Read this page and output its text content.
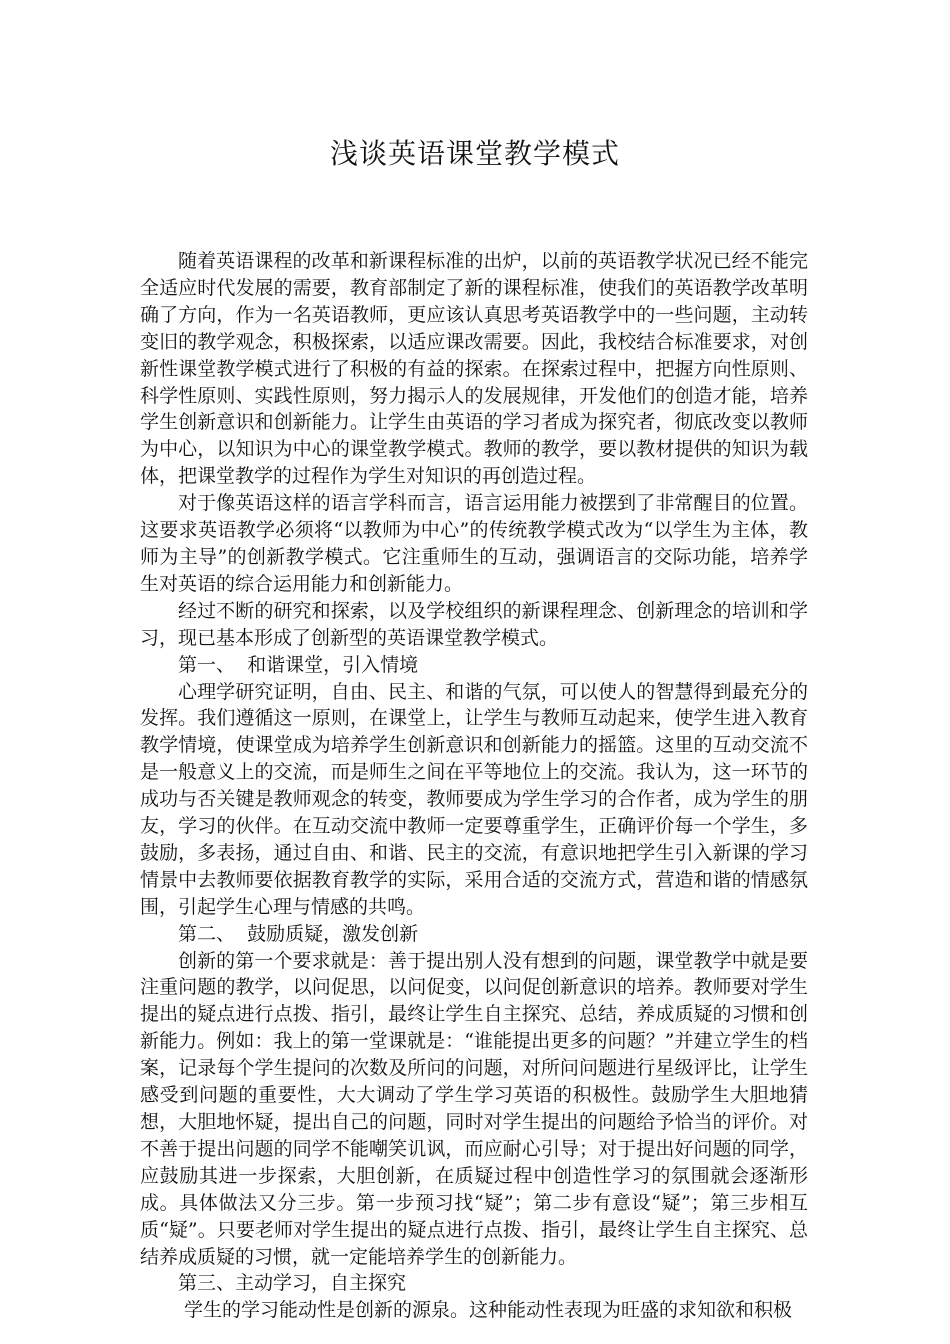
浅谈英语课堂教学模式

随着英语课程的改革和新课程标准的出炉，以前的英语教学状况已经不能完全适应时代发展的需要，教育部制定了新的课程标准，使我们的英语教学改革明确了方向，作为一名英语教师，更应该认真思考英语教学中的一些问题，主动转变旧的教学观念，积极探索，以适应课改需要。因此，我校结合标准要求，对创新性课堂教学模式进行了积极的有益的探索。在探索过程中，把握方向性原则、科学性原则、实践性原则，努力揭示人的发展规律，开发他们的创造才能，培养学生创新意识和创新能力。让学生由英语的学习者成为探究者，彻底改变以教师为中心，以知识为中心的课堂教学模式。教师的教学，要以教材提供的知识为载体，把课堂教学的过程作为学生对知识的再创造过程。

对于像英语这样的语言学科而言，语言运用能力被摆到了非常醒目的位置。这要求英语教学必须将“以教师为中心”的传统教学模式改为“以学生为主体，教师为主导”的创新教学模式。它注重师生的互动，强调语言的交际功能，培养学生对英语的综合运用能力和创新能力。

经过不断的研究和探索，以及学校组织的新课程理念、创新理念的培训和学习，现已基本形成了创新型的英语课堂教学模式。

第一、  和谐课堂，引入情境

心理学研究证明，自由、民主、和谐的气氛，可以使人的智慧得到最充分的发挥。我们遵循这一原则，在课堂上，让学生与教师互动起来，使学生进入教育教学情境，使课堂成为培养学生创新意识和创新能力的摇篮。这里的互动交流不是一般意义上的交流，而是师生之间在平等地位上的交流。我认为，这一环节的成功与否关键是教师观念的转变，教师要成为学生学习的合作者，成为学生的朋友，学习的伙伴。在互动交流中教师一定要尊重学生，正确评价每一个学生，多鼓励，多表扬，通过自由、和谐、民主的交流，有意识地把学生引入新课的学习情景中去教师要依据教育教学的实际，采用合适的交流方式，营造和谐的情感氛围，引起学生心理与情感的共鸣。

第二、  鼓励质疑，激发创新

创新的第一个要求就是：善于提出别人没有想到的问题，课堂教学中就是要注重问题的教学，以问促思，以问促变，以问促创新意识的培养。教师要对学生提出的疑点进行点拨、指引，最终让学生自主探究、总结，养成质疑的习惯和创新能力。例如：我上的第一堂课就是：“谁能提出更多的问题？”并建立学生的档案，记录每个学生提问的次数及所问的问题，对所问问题进行星级评比，让学生感受到问题的重要性，大大调动了学生学习英语的积极性。鼓励学生大胆地猜想，大胆地怀疑，提出自己的问题，同时对学生提出的问题给予恰当的评价。对不善于提出问题的同学不能嘲笑讥讽，而应耐心引导；对于提出好问题的同学，应鼓励其进一步探索，大胆创新，在质疑过程中创造性学习的氛围就会逐渐形成。具体做法又分三步。第一步预习找“疑”；第二步有意设“疑”；第三步相互质“疑”。只要老师对学生提出的疑点进行点拨、指引，最终让学生自主探究、总结养成质疑的习惯，就一定能培养学生的创新能力。

第三、主动学习，自主探究

学生的学习能动性是创新的源泉。这种能动性表现为旺盛的求知欲和积极
